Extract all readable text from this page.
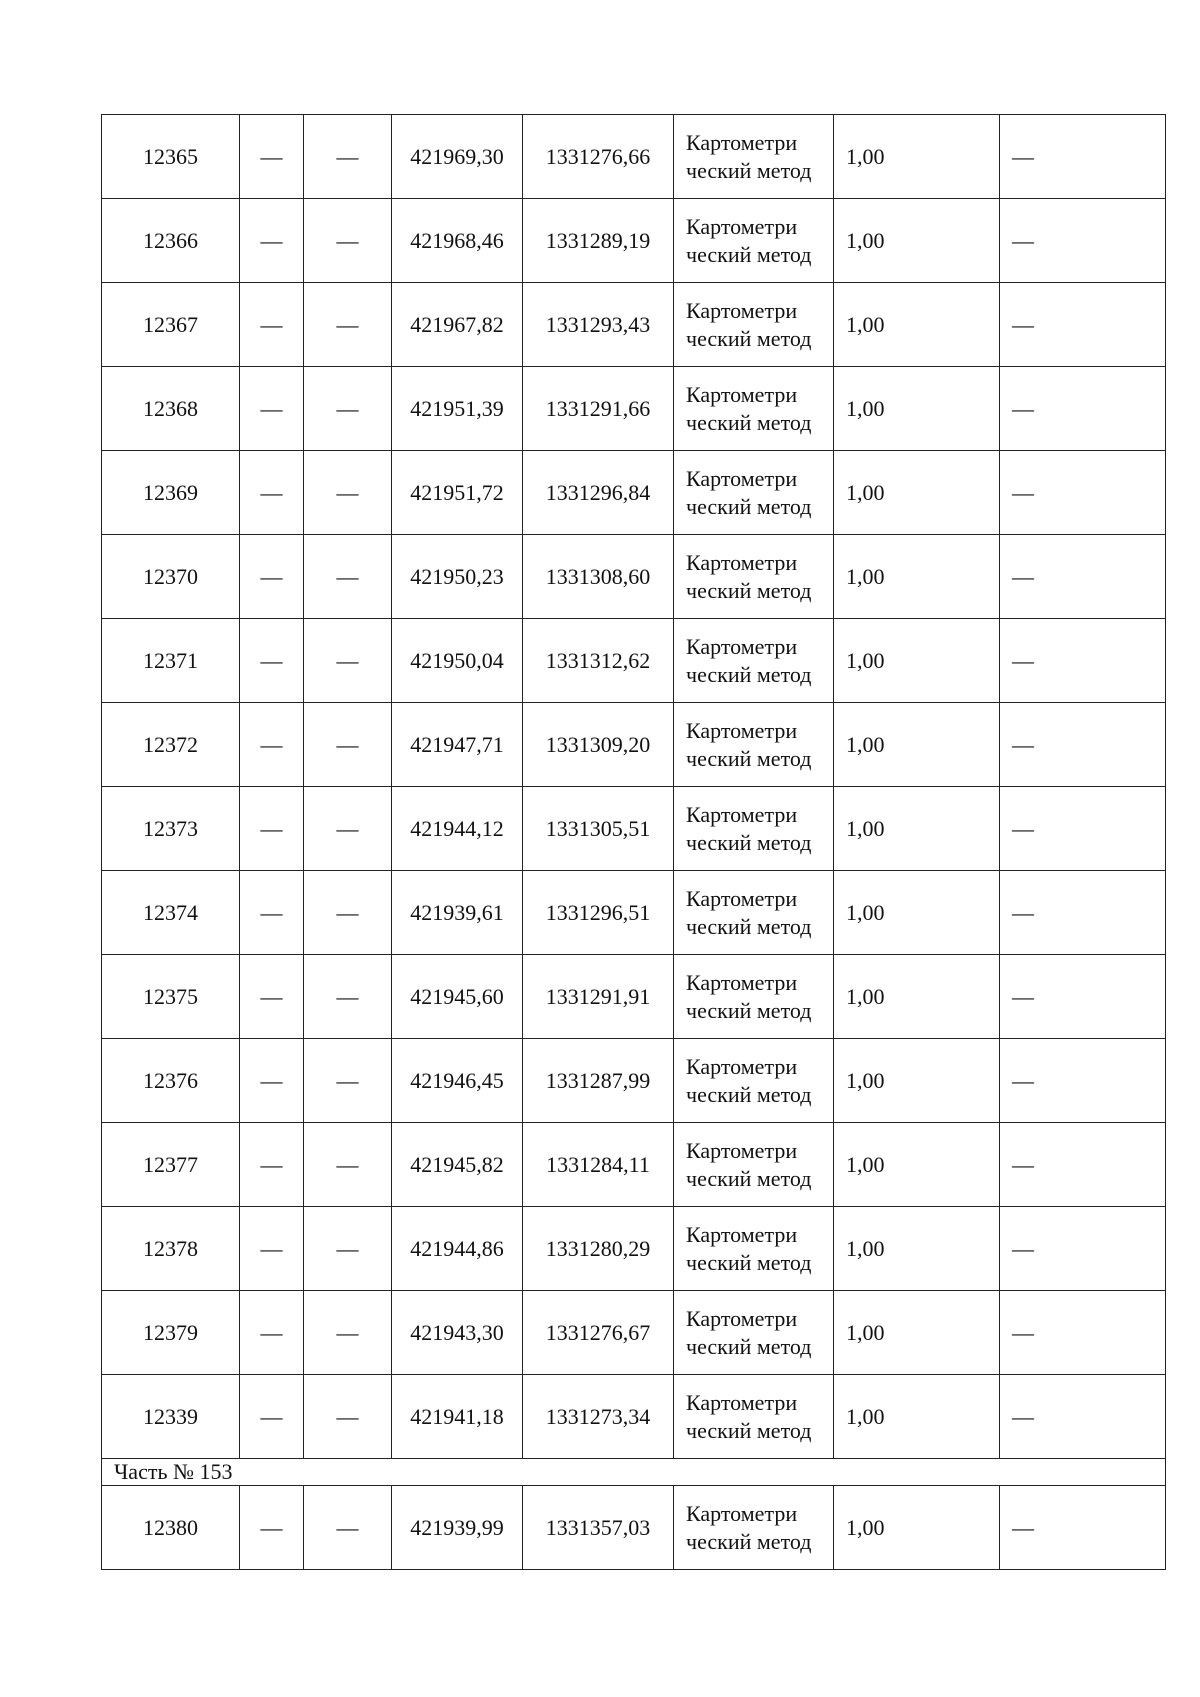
12365	—	—	421969,30	1331276,66	Картометри ческий метод	1,00	—
12366	—	—	421968,46	1331289,19	Картометри ческий метод	1,00	—
12367	—	—	421967,82	1331293,43	Картометри ческий метод	1,00	—
12368	—	—	421951,39	1331291,66	Картометри ческий метод	1,00	—
12369	—	—	421951,72	1331296,84	Картометри ческий метод	1,00	—
12370	—	—	421950,23	1331308,60	Картометри ческий метод	1,00	—
12371	—	—	421950,04	1331312,62	Картометри ческий метод	1,00	—
12372	—	—	421947,71	1331309,20	Картометри ческий метод	1,00	—
12373	—	—	421944,12	1331305,51	Картометри ческий метод	1,00	—
12374	—	—	421939,61	1331296,51	Картометри ческий метод	1,00	—
12375	—	—	421945,60	1331291,91	Картометри ческий метод	1,00	—
12376	—	—	421946,45	1331287,99	Картометри ческий метод	1,00	—
12377	—	—	421945,82	1331284,11	Картометри ческий метод	1,00	—
12378	—	—	421944,86	1331280,29	Картометри ческий метод	1,00	—
12379	—	—	421943,30	1331276,67	Картометри ческий метод	1,00	—
12339	—	—	421941,18	1331273,34	Картометри ческий метод	1,00	—
Часть № 153							
12380	—	—	421939,99	1331357,03	Картометри ческий метод	1,00	—
